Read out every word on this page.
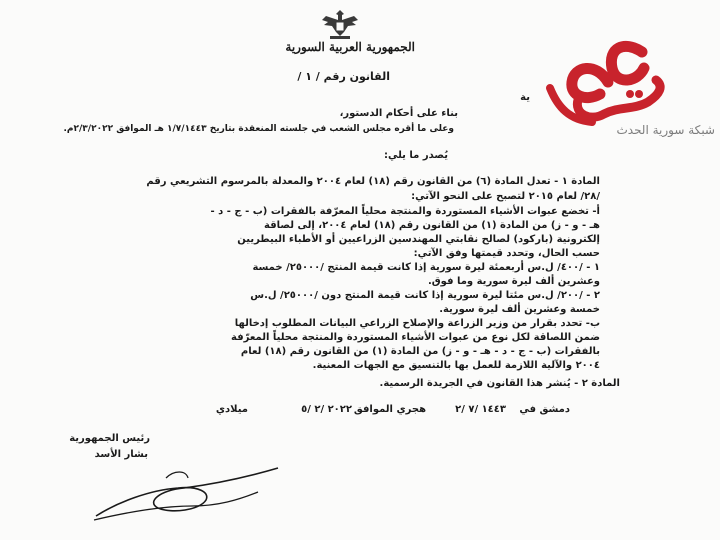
الجمهورية العربية السورية
القانون رقم / ١ /
شبكة سورية الحدث
ية
بناء على أحكام الدستور،
وعلى ما أقره مجلس الشعب في جلسته المنعقدة بتاريخ ١/٧/١٤٤٣ هـ الموافق ٢/٣/٢٠٢٢م.
يُصدر ما يلي:
المادة ١ - تعدل المادة (٦) من القانون رقم (١٨) لعام ٢٠٠٤ والمعدلة بالمرسوم التشريعي رقم
/٢٨/ لعام ٢٠١٥ لتصبح على النحو الآتي:
أ- تخضع عبوات الأشياء المستوردة والمنتجة محلياً المعرّفة بالفقرات (ب - ج - د -
هـ - و - ز) من المادة (١) من القانون رقم (١٨) لعام ٢٠٠٤، إلى لصاقة
إلكترونية (باركود) لصالح نقابتي المهندسين الزراعيين أو الأطباء البيطريين
حسب الحال، وتحدد قيمتها وفق الآتي:
١ - /٤٠٠/ ل.س أربعمئة ليرة سورية إذا كانت قيمة المنتج /٢٥٠٠٠/ خمسة
وعشرين ألف ليرة سورية وما فوق.
٢ - /٢٠٠/ ل.س مئتا ليرة سورية إذا كانت قيمة المنتج دون /٢٥٠٠٠/ ل.س
خمسة وعشرين ألف ليرة سورية.
ب- تحدد بقرار من وزير الزراعة والإصلاح الزراعي البيانات المطلوب إدخالها
ضمن اللصاقة لكل نوع من عبوات الأشياء المستوردة والمنتجة محلياً المعرّفة
بالفقرات (ب - ج - د - هـ - و - ز) من المادة (١) من القانون رقم (١٨) لعام
٢٠٠٤ والآلية اللازمة للعمل بها بالتنسيق مع الجهات المعنية.
المادة ٢ - يُنشر هذا القانون في الجريدة الرسمية.
دمشق في
١٤٤٣ /٧ /٢
هجري الموافق
٢٠٢٢ /٢ /٥
ميلادي
رئيس الجمهورية
بشار الأسد
